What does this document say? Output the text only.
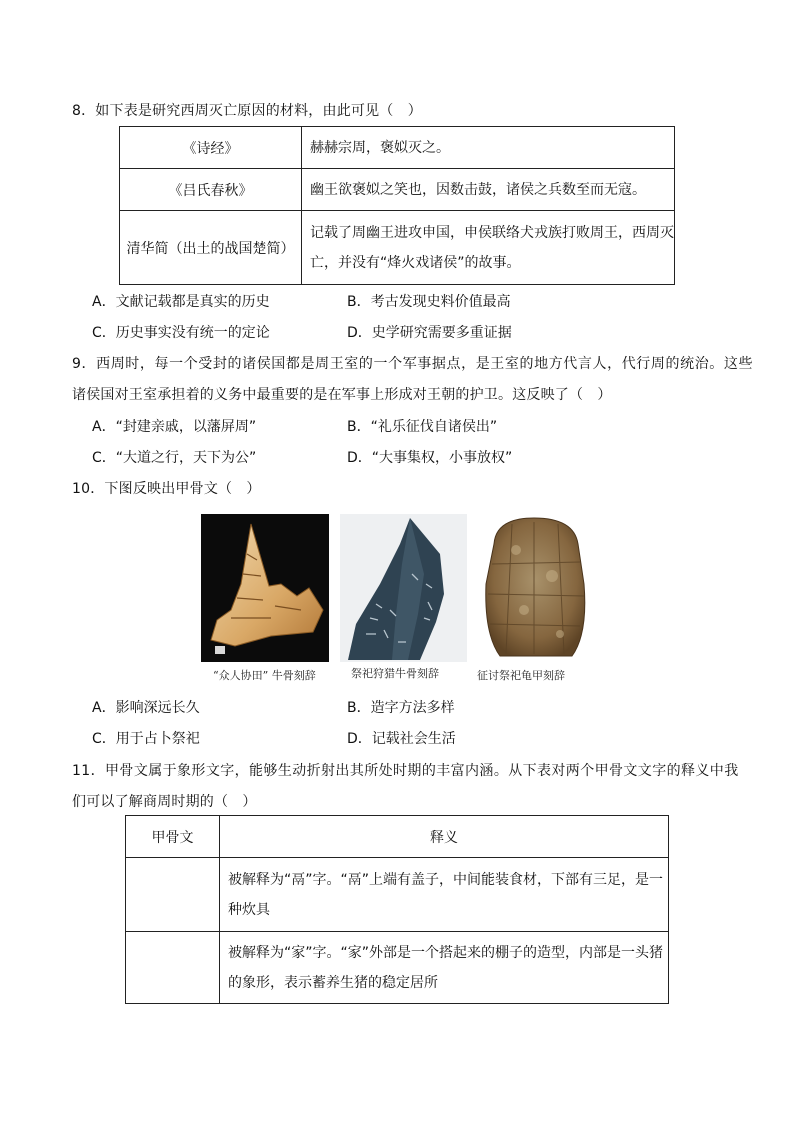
8．如下表是研究西周灭亡原因的材料，由此可见（　）
《诗经》	赫赫宗周，褒姒灭之。
《吕氏春秋》	幽王欲褒姒之笑也，因数击鼓，诸侯之兵数至而无寇。
清华简（出土的战国楚简）	记载了周幽王进攻申国，申侯联络犬戎族打败周王，西周灭
亡，并没有“烽火戏诸侯”的故事。
A．文献记载都是真实的历史	B．考古发现史料价值最高
C．历史事实没有统一的定论	D．史学研究需要多重证据
9．西周时，每一个受封的诸侯国都是周王室的一个军事据点，是王室的地方代言人，代行周的统治。这些
诸侯国对王室承担着的义务中最重要的是在军事上形成对王朝的护卫。这反映了（　）
A．“封建亲戚，以藩屏周”	B．“礼乐征伐自诸侯出”
C．“大道之行，天下为公”	D．“大事集权，小事放权”
10．下图反映出甲骨文（　）
“众人协田” 牛骨刻辞	祭祀狩猎牛骨刻辞	征讨祭祀龟甲刻辞
A．影响深远长久	B．造字方法多样
C．用于占卜祭祀	D．记载社会生活
11．甲骨文属于象形文字，能够生动折射出其所处时期的丰富内涵。从下表对两个甲骨文文字的释义中我
们可以了解商周时期的（　）
甲骨文	释义

	被解释为“鬲”字。“鬲”上端有盖子，中间能装食材，下部有三足，是一
种炊具

	被解释为“家”字。“家”外部是一个搭起来的棚子的造型，内部是一头猪
的象形，表示蓄养生猪的稳定居所
